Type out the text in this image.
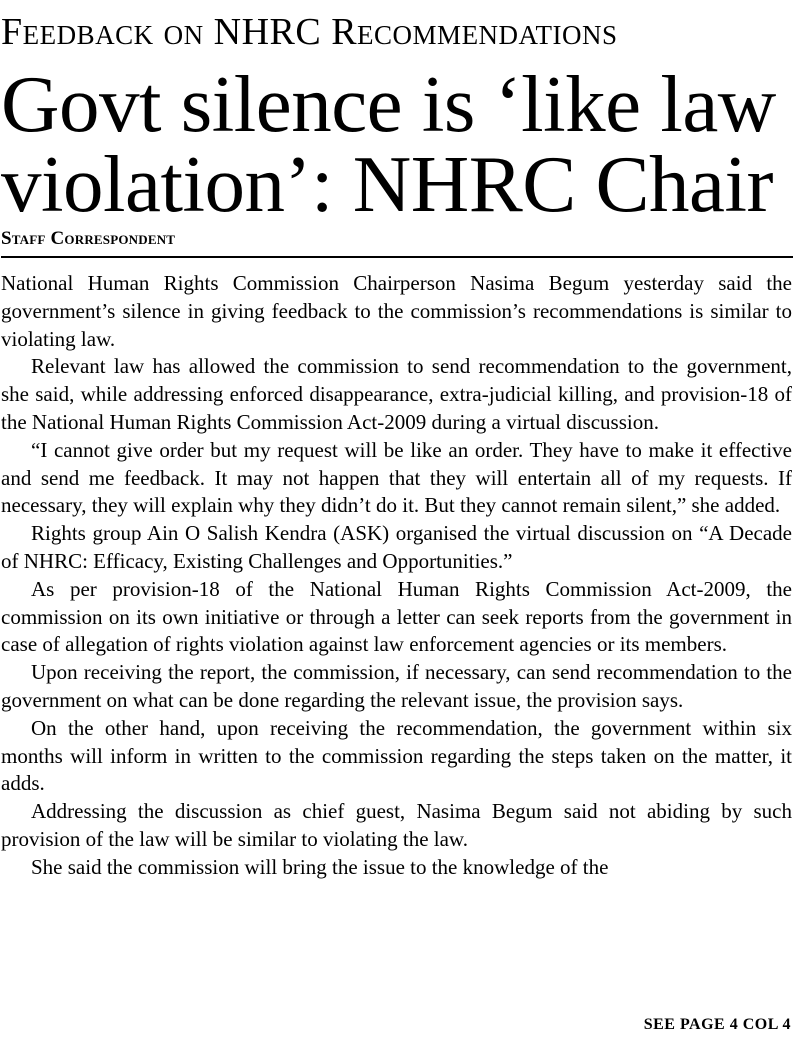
Feedback on NHRC Recommendations
Govt silence is ‘like law
violation’: NHRC Chair
Staff Correspondent

National Human Rights Commission Chairperson Nasima Begum yesterday said the government’s silence in giving feedback to the commission’s recommendations is similar to violating law.

Relevant law has allowed the commission to send recommendation to the government, she said, while addressing enforced disappearance, extra-judicial killing, and provision-18 of the National Human Rights Commission Act-2009 during a virtual discussion.

“I cannot give order but my request will be like an order. They have to make it effective and send me feedback. It may not happen that they will entertain all of my requests. If necessary, they will explain why they didn’t do it. But they cannot remain silent,” she added.

Rights group Ain O Salish Kendra (ASK) organised the virtual discussion on “A Decade of NHRC: Efficacy, Existing Challenges and Opportunities.”

As per provision-18 of the National Human Rights Commission Act-2009, the commission on its own initiative or through a letter can seek reports from the government in case of allegation of rights violation against law enforcement agencies or its members.

Upon receiving the report, the commission, if necessary, can send recommendation to the government on what can be done regarding the relevant issue, the provision says.

On the other hand, upon receiving the recommendation, the government within six months will inform in written to the commission regarding the steps taken on the matter, it adds.

Addressing the discussion as chief guest, Nasima Begum said not abiding by such provision of the law will be similar to violating the law.

She said the commission will bring the issue to the knowledge of the

SEE PAGE 4 COL 4
